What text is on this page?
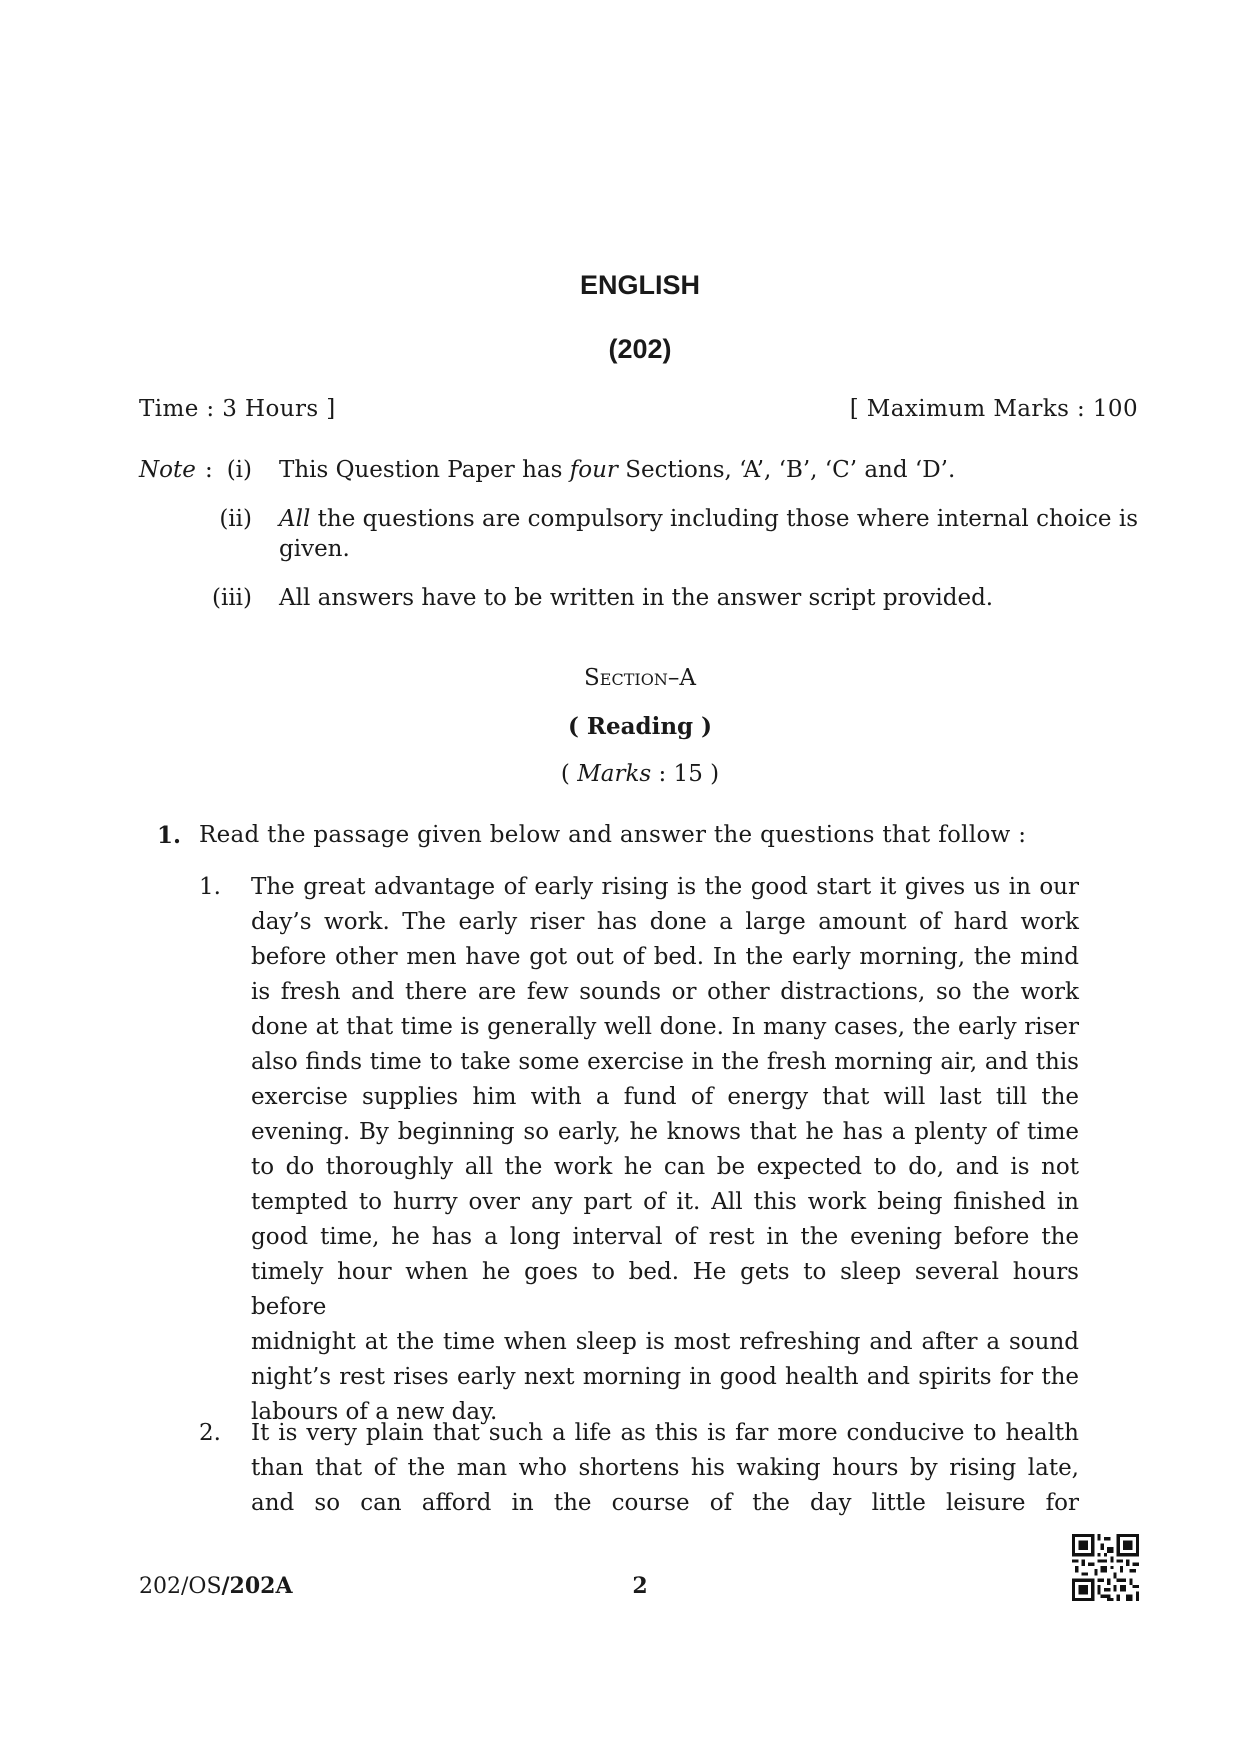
ENGLISH
(202)
Time : 3 Hours ]	[ Maximum Marks : 100
Note : (i) This Question Paper has four Sections, ‘A’, ‘B’, ‘C’ and ‘D’.
(ii) All the questions are compulsory including those where internal choice is given.
(iii) All answers have to be written in the answer script provided.
Section–A
( Reading )
( Marks : 15 )
1. Read the passage given below and answer the questions that follow :
1. The great advantage of early rising is the good start it gives us in our
day’s work. The early riser has done a large amount of hard work
before other men have got out of bed. In the early morning, the mind
is fresh and there are few sounds or other distractions, so the work
done at that time is generally well done. In many cases, the early riser
also finds time to take some exercise in the fresh morning air, and this
exercise supplies him with a fund of energy that will last till the
evening. By beginning so early, he knows that he has a plenty of time
to do thoroughly all the work he can be expected to do, and is not
tempted to hurry over any part of it. All this work being finished in
good time, he has a long interval of rest in the evening before the
timely hour when he goes to bed. He gets to sleep several hours before
midnight at the time when sleep is most refreshing and after a sound
night’s rest rises early next morning in good health and spirits for the
labours of a new day.
2. It is very plain that such a life as this is far more conducive to health
than that of the man who shortens his waking hours by rising late,
and so can afford in the course of the day little leisure for
202/OS/202A	2
